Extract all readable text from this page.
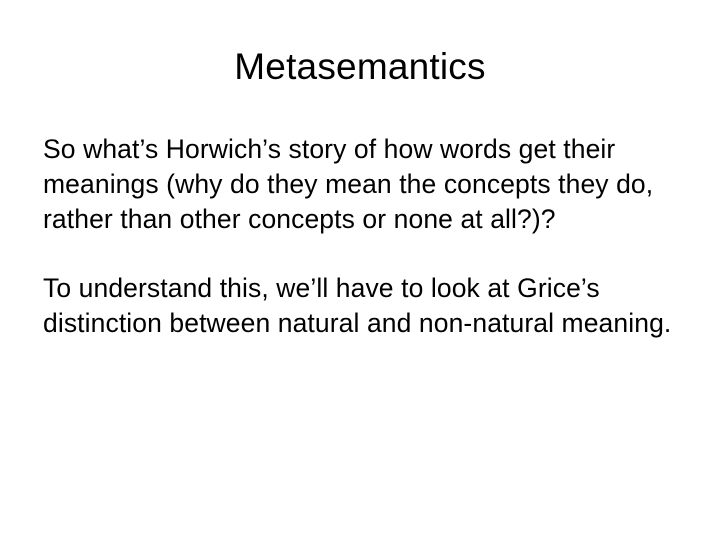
Metasemantics

So what’s Horwich’s story of how words get their meanings (why do they mean the concepts they do, rather than other concepts or none at all?)?

To understand this, we’ll have to look at Grice’s distinction between natural and non-natural meaning.
